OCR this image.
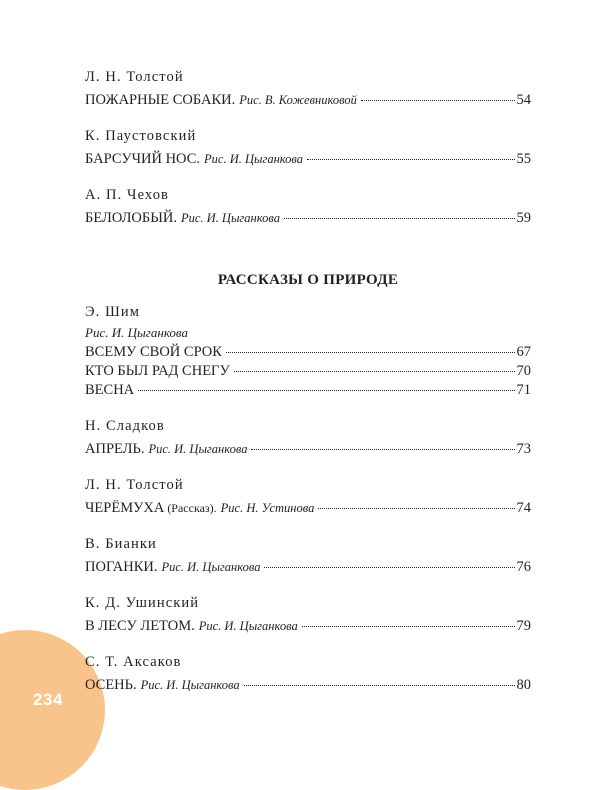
234
Л. Н. Толстой
ПОЖАРНЫЕ СОБАКИ. Рис. В. Кожевниковой	54
К. Паустовский
БАРСУЧИЙ НОС. Рис. И. Цыганкова	55
А. П. Чехов
БЕЛОЛОБЫЙ. Рис. И. Цыганкова	59
РАССКАЗЫ О ПРИРОДЕ
Э. Шим
Рис. И. Цыганкова
ВСЕМУ СВОЙ СРОК	67
КТО БЫЛ РАД СНЕГУ	70
ВЕСНА	71
Н. Сладков
АПРЕЛЬ. Рис. И. Цыганкова	73
Л. Н. Толстой
ЧЕРЁМУХА (Рассказ). Рис. Н. Устинова	74
В. Бианки
ПОГАНКИ. Рис. И. Цыганкова	76
К. Д. Ушинский
В ЛЕСУ ЛЕТОМ. Рис. И. Цыганкова	79
С. Т. Аксаков
ОСЕНЬ. Рис. И. Цыганкова	80
